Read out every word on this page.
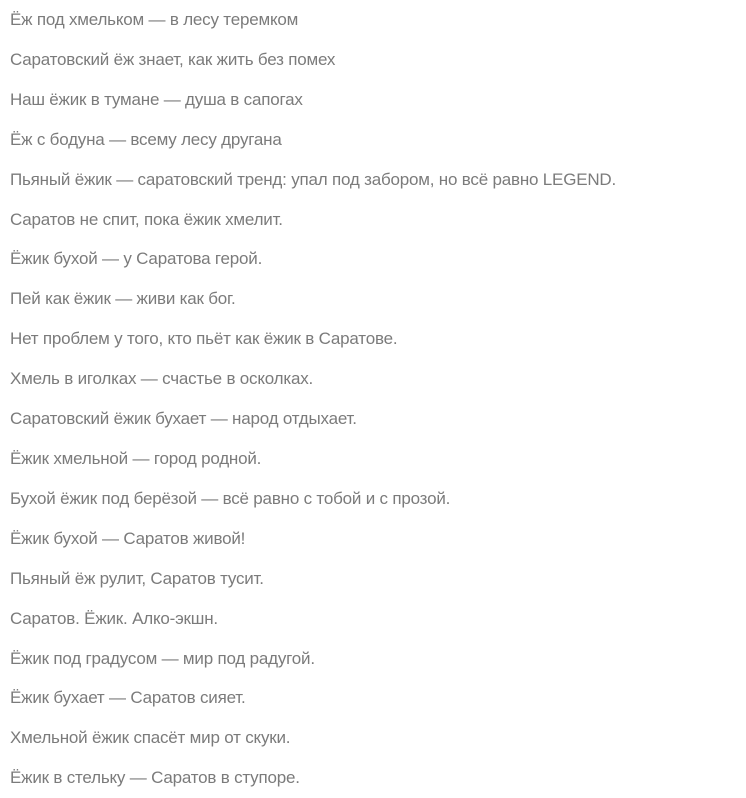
Ёж под хмельком — в лесу теремком

Саратовский ёж знает, как жить без помех

Наш ёжик в тумане — душа в сапогах

Ёж с бодуна — всему лесу другана

Пьяный ёжик — саратовский тренд: упал под забором, но всё равно LEGEND.

Саратов не спит, пока ёжик хмелит.

Ёжик бухой — у Саратова герой.

Пей как ёжик — живи как бог.

Нет проблем у того, кто пьёт как ёжик в Саратове.

Хмель в иголках — счастье в осколках.

Саратовский ёжик бухает — народ отдыхает.

Ёжик хмельной — город родной.

Бухой ёжик под берёзой — всё равно с тобой и с прозой.

Ёжик бухой — Саратов живой!

Пьяный ёж рулит, Саратов тусит.

Саратов. Ёжик. Алко-экшн.

Ёжик под градусом — мир под радугой.

Ёжик бухает — Саратов сияет.

Хмельной ёжик спасёт мир от скуки.

Ёжик в стельку — Саратов в ступоре.
